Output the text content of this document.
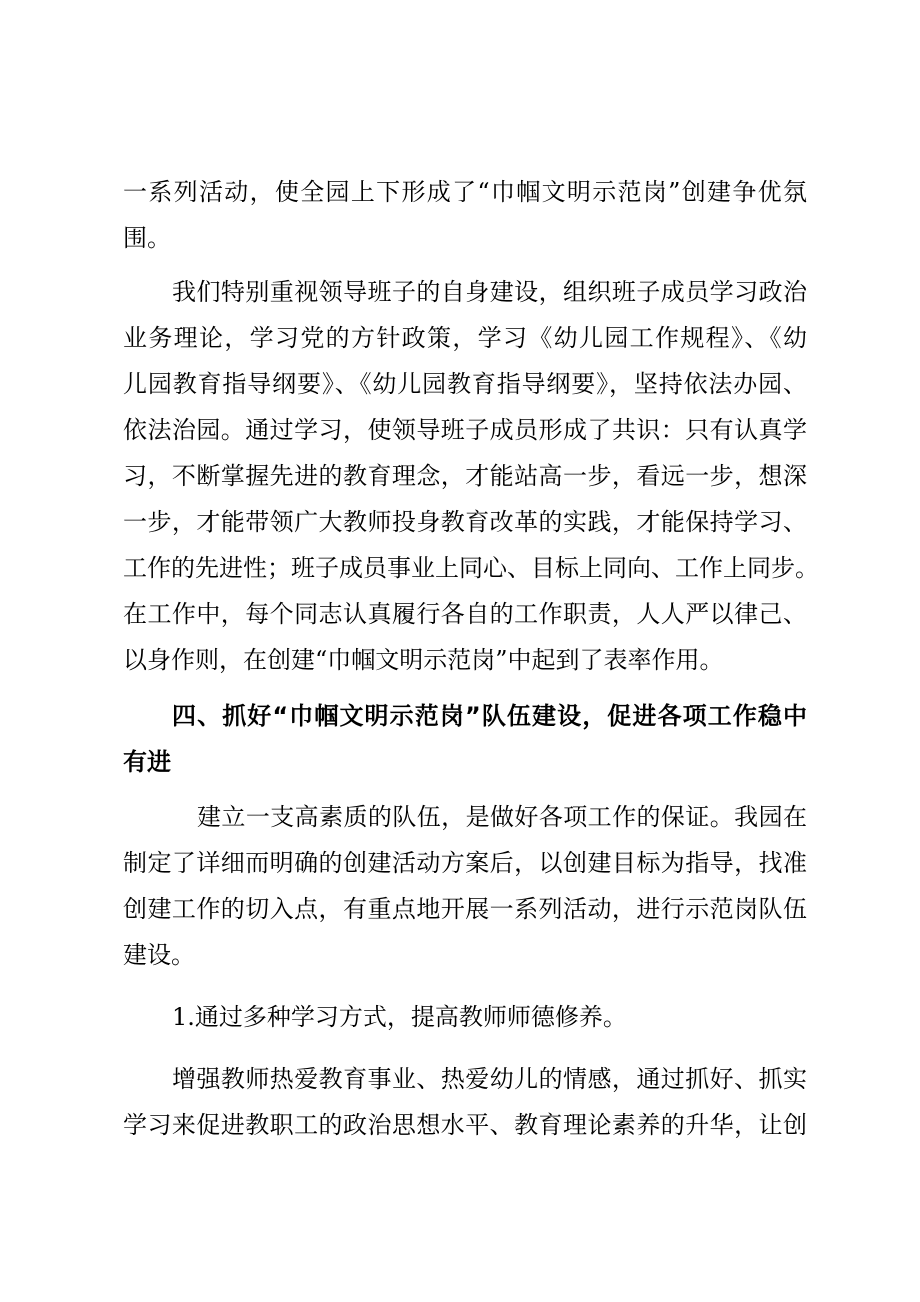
一系列活动，使全园上下形成了“巾帼文明示范岗”创建争优氛
围。
我们特别重视领导班子的自身建设，组织班子成员学习政治
业务理论，学习党的方针政策，学习《幼儿园工作规程》、《幼
儿园教育指导纲要》、《幼儿园教育指导纲要》，坚持依法办园、
依法治园。通过学习，使领导班子成员形成了共识：只有认真学
习，不断掌握先进的教育理念，才能站高一步，看远一步，想深
一步，才能带领广大教师投身教育改革的实践，才能保持学习、
工作的先进性；班子成员事业上同心、目标上同向、工作上同步。
在工作中，每个同志认真履行各自的工作职责，人人严以律己、
以身作则，在创建“巾帼文明示范岗”中起到了表率作用。
四、抓好“巾帼文明示范岗”队伍建设，促进各项工作稳中
有进
建立一支高素质的队伍，是做好各项工作的保证。我园在
制定了详细而明确的创建活动方案后，以创建目标为指导，找准
创建工作的切入点，有重点地开展一系列活动，进行示范岗队伍
建设。
1.通过多种学习方式，提高教师师德修养。
增强教师热爱教育事业、热爱幼儿的情感，通过抓好、抓实
学习来促进教职工的政治思想水平、教育理论素养的升华，让创
